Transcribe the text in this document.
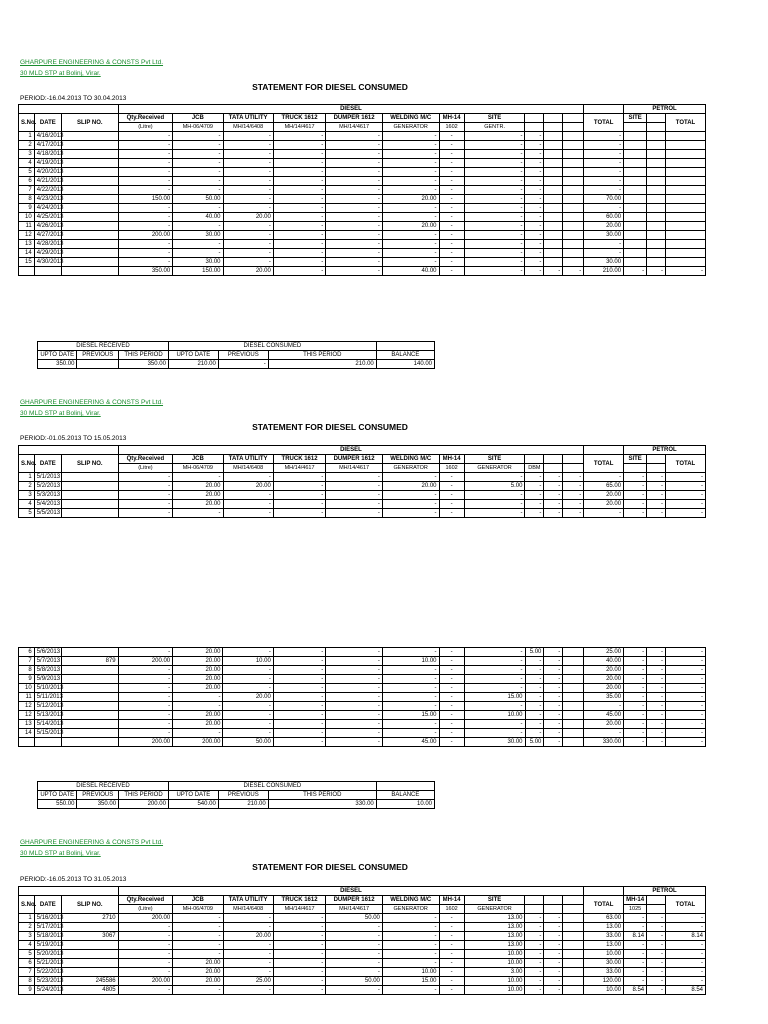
GHARPURE ENGINEERING & CONSTS Pvt Ltd.
30 MLD STP at Bolinj, Virar.
STATEMENT FOR DIESEL CONSUMED
PERIOD:-16.04.2013 TO 30.04.2013
			DIESEL												PETROL		
S.No.	DATE	SLIP NO.	Qty.Received	JCB	TATA UTILITY	TRUCK 1612	DUMPER 1612	WELDING M/C	MH-14	SITE				TOTAL	SITE		TOTAL
			(Litre)	MH-06/4709	MH/14/6408	MH/14/4617	MH/14/4617	GENERATOR	1602	GENTR.							
1	4/16/2013		-	-	-	-	-	-	-	-	-			-			
2	4/17/2013		-	-	-	-	-	-	-	-	-			-			
3	4/18/2013		-	-	-	-	-	-	-	-	-			-			
4	4/19/2013		-	-	-	-	-	-	-	-	-			-			
5	4/20/2013		-	-	-	-	-	-	-	-	-			-			
6	4/21/2013		-	-	-	-	-	-	-	-	-			-			
7	4/22/2013		-	-	-	-	-	-	-	-	-			-			
8	4/23/2013		150.00	50.00	-	-	-	20.00	-	-	-			70.00			
9	4/24/2013		-	-	-	-	-	-	-	-	-			-			
10	4/25/2013		-	40.00	20.00	-	-	-	-	-	-			60.00			
11	4/26/2013		-	-	-	-	-	20.00	-	-	-			20.00			
12	4/27/2013		200.00	30.00	-	-	-	-	-	-	-			30.00			
13	4/28/2013		-	-	-	-	-	-	-	-	-			-			
14	4/29/2013		-	-	-	-	-	-	-	-	-			-			
15	4/30/2013		-	30.00	-	-	-	-	-	-	-			30.00			
			350.00	150.00	20.00	-	-	40.00	-	-	-	-	-	210.00	-	-	-
DIESEL RECEIVED			DIESEL CONSUMED			
UPTO DATE	PREVIOUS	THIS PERIOD	UPTO DATE	PREVIOUS	THIS PERIOD	BALANCE
350.00		350.00	210.00	-	210.00	140.00
GHARPURE ENGINEERING & CONSTS Pvt Ltd.
30 MLD STP at Bolinj, Virar.
STATEMENT FOR DIESEL CONSUMED
PERIOD:-01.05.2013 TO 15.05.2013
			DIESEL												PETROL		
S.No.	DATE	SLIP NO.	Qty.Received	JCB	TATA UTILITY	TRUCK 1612	DUMPER 1612	WELDING M/C	MH-14	SITE				TOTAL	SITE		TOTAL
			(Litre)	MH-06/4709	MH/14/6408	MH/14/4617	MH/14/4617	GENERATOR	1602	GENERATOR	DBM						
1	5/1/2013		-	-	-	-	-	-	-	-	-	-	-	-	-	-	-
2	5/2/2013		-	20.00	20.00	-	-	20.00	-	5.00	-	-	-	65.00	-	-	-
3	5/3/2013		-	20.00	-	-	-	-	-	-	-	-	-	20.00	-	-	-
4	5/4/2013		-	20.00	-	-	-	-	-	-	-	-	-	20.00	-	-	-
5	5/5/2013		-	-	-	-	-	-	-	-	-	-	-	-	-	-	-
6	5/6/2013		-	20.00	-	-	-	-	-	-	5.00	-		25.00	-	-	-
7	5/7/2013	879	200.00	20.00	10.00	-	-	10.00	-	-	-	-		40.00	-	-	-
8	5/8/2013		-	20.00	-	-	-	-	-	-	-	-		20.00	-	-	-
9	5/9/2013		-	20.00	-	-	-	-	-	-	-	-		20.00	-	-	-
10	5/10/2013		-	20.00	-	-	-	-	-	-	-	-		20.00	-	-	-
11	5/11/2013		-	-	20.00	-	-	-	-	15.00	-	-		35.00	-	-	-
12	5/12/2013		-	-	-	-	-	-	-	-	-	-		-	-	-	-
12	5/13/2013		-	20.00	-	-	-	15.00	-	10.00	-	-		45.00	-	-	-
13	5/14/2013		-	20.00	-	-	-	-	-	-	-	-		20.00	-	-	-
14	5/15/2013		-	-	-	-	-	-	-	-	-	-		-	-	-	-
			200.00	200.00	50.00	-	-	45.00	-	30.00	5.00	-		330.00	-	-	-
DIESEL RECEIVED			DIESEL CONSUMED			
UPTO DATE	PREVIOUS	THIS PERIOD	UPTO DATE	PREVIOUS	THIS PERIOD	BALANCE
550.00	350.00	200.00	540.00	210.00	330.00	10.00
GHARPURE ENGINEERING & CONSTS Pvt Ltd.
30 MLD STP at Bolinj, Virar.
STATEMENT FOR DIESEL CONSUMED
PERIOD:-16.05.2013 TO 31.05.2013
			DIESEL												PETROL		
S.No.	DATE	SLIP NO.	Qty.Received	JCB	TATA UTILITY	TRUCK 1612	DUMPER 1612	WELDING M/C	MH-14	SITE				TOTAL	MH-14		TOTAL
			(Litre)	MH-06/4709	MH/14/6408	MH/14/4617	MH/14/4617	GENERATOR	1602	GENERATOR					1025		
1	5/16/2013	2710	200.00	-	-	-	50.00	-	-	13.00	-	-		63.00	-	-	-
2	5/17/2013		-	-	-	-	-	-	-	13.00	-	-		13.00	-	-	-
3	5/18/2013	3067	-	-	20.00	-	-	-	-	13.00	-	-		33.00	8.14	-	8.14
4	5/19/2013		-	-	-	-	-	-	-	13.00	-	-		13.00	-	-	-
5	5/20/2013		-	-	-	-	-	-	-	10.00	-	-		10.00	-	-	-
6	5/21/2013		-	20.00	-	-	-	-	-	10.00	-	-		30.00	-	-	-
7	5/22/2013		-	20.00	-	-	-	10.00	-	3.00	-	-		33.00	-	-	-
8	5/23/2013	245586	200.00	20.00	25.00	-	50.00	15.00	-	10.00	-	-		120.00	-	-	-
9	5/24/2013	4805	-	-	-	-	-	-	-	10.00	-	-		10.00	8.54	-	8.54
